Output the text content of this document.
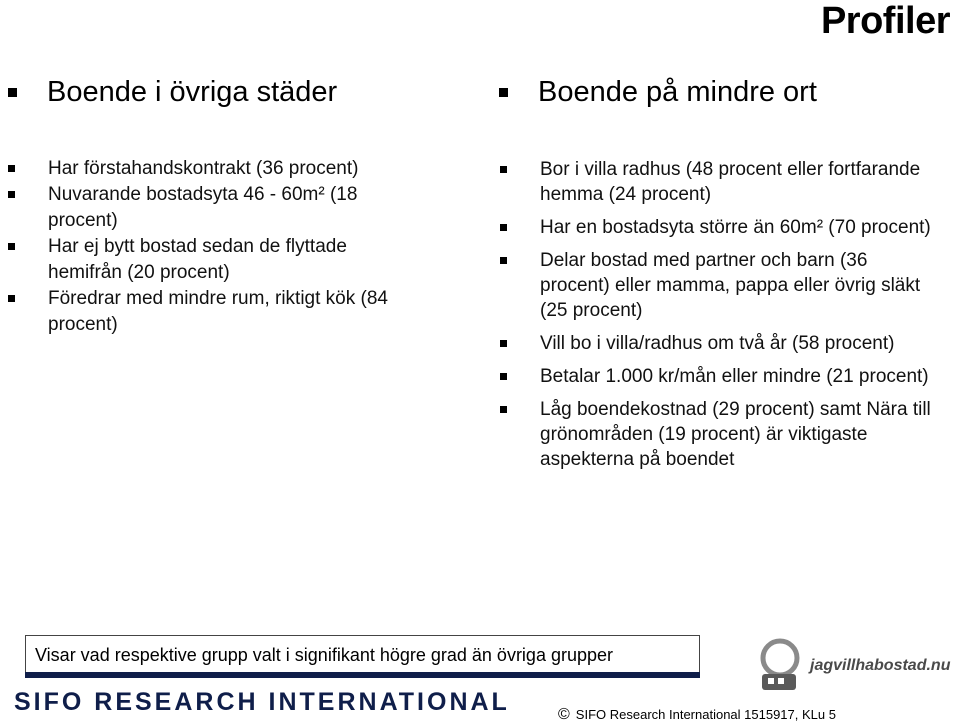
Profiler
Boende i övriga städer	Boende på mindre ort
Har förstahandskontrakt (36 procent)
Nuvarande bostadsyta 46 - 60m² (18 procent)
Har ej bytt bostad sedan de flyttade hemifrån (20 procent)
Föredrar med mindre rum, riktigt kök (84 procent)
Bor i villa radhus (48 procent eller fortfarande hemma (24 procent)
Har en bostadsyta större än 60m² (70 procent)
Delar bostad med partner och barn (36 procent) eller mamma, pappa eller övrig släkt (25 procent)
Vill bo i villa/radhus om två år (58 procent)
Betalar 1.000 kr/mån eller mindre (21 procent)
Låg boendekostnad (29 procent) samt Nära till grönområden (19 procent) är viktigaste aspekterna på boendet
Visar vad respektive grupp valt i signifikant högre grad än övriga grupper
SIFO RESEARCH INTERNATIONAL	© SIFO Research International 1515917, KLu 5
jagvillhabostad.nu
